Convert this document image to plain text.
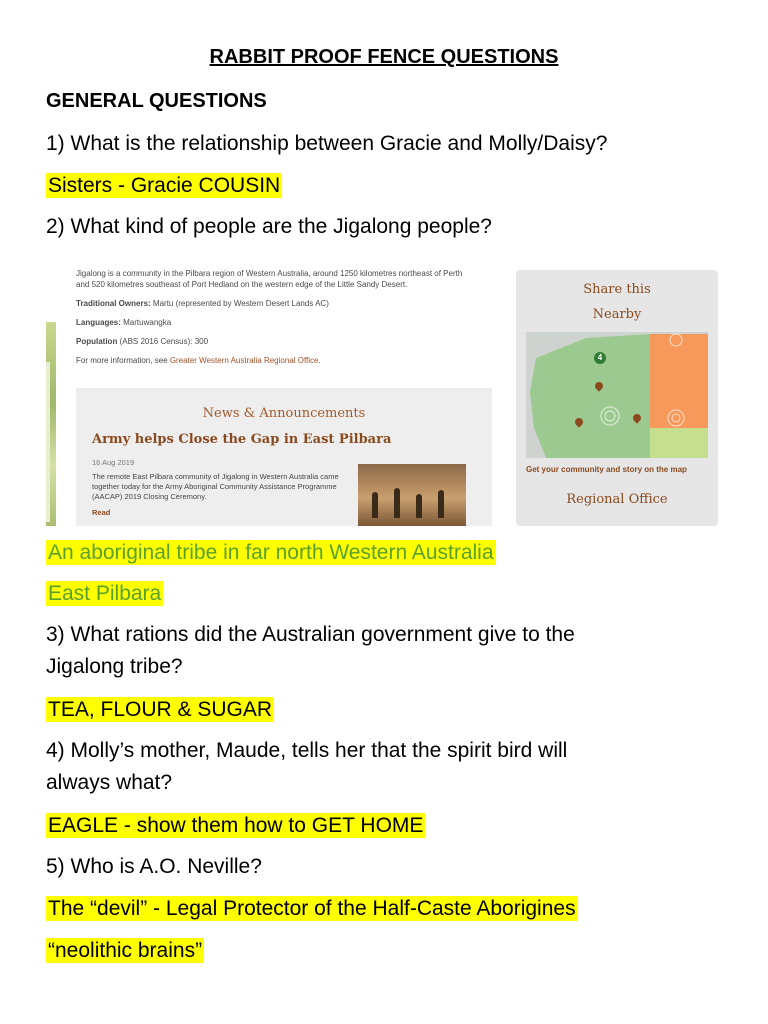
RABBIT PROOF FENCE QUESTIONS
GENERAL QUESTIONS
1) What is the relationship between Gracie and Molly/Daisy?
Sisters - Gracie COUSIN
2) What kind of people are the Jigalong people?

Jigalong is a community in the Pilbara region of Western Australia, around 1250 kilometres northeast of Perth
and 520 kilometres southeast of Port Hedland on the western edge of the Little Sandy Desert.

Traditional Owners: Martu (represented by Western Desert Lands AC)

Languages: Martuwangka

Population (ABS 2016 Census): 300

For more information, see Greater Western Australia Regional Office.

News & Announcements
Army helps Close the Gap in East Pilbara
16 Aug 2019
The remote East Pilbara community of Jigalong in Western Australia came together today for the Army Aboriginal Community Assistance Programme (AACAP) 2019 Closing Ceremony.
Read
Share this
Nearby
4
Get your community and story on the map
Regional Office
An aboriginal tribe in far north Western Australia
East Pilbara
3) What rations did the Australian government give to the
Jigalong tribe?
TEA, FLOUR & SUGAR
4) Molly’s mother, Maude, tells her that the spirit bird will
always what?
EAGLE - show them how to GET HOME
5) Who is A.O. Neville?
The “devil” - Legal Protector of the Half-Caste Aborigines
“neolithic brains”
